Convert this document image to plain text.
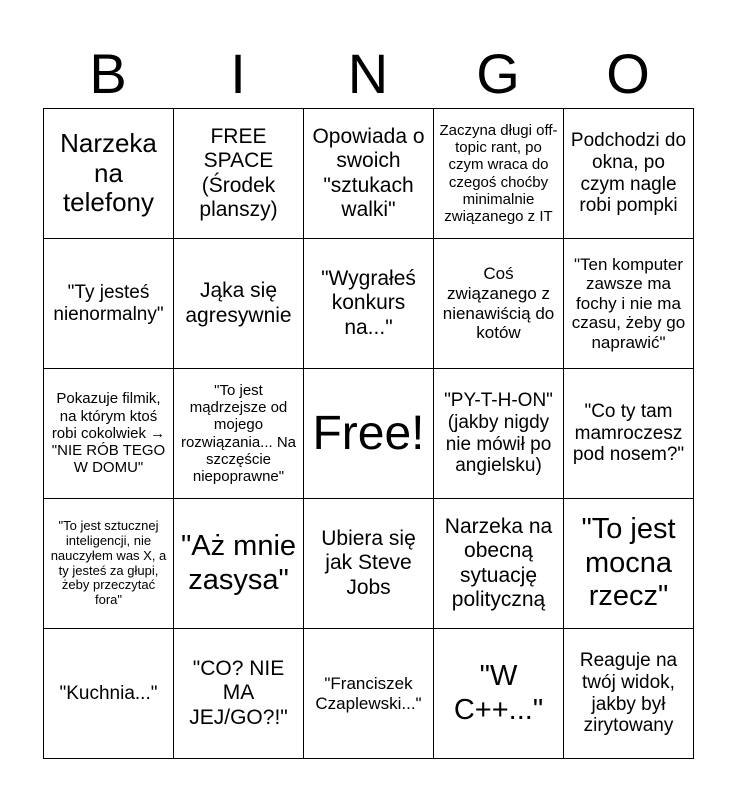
B	I	N	G	O
Narzeka na telefony	FREE SPACE (Środek planszy)	Opowiada o swoich "sztukach walki"	Zaczyna długi off-topic rant, po czym wraca do czegoś choćby minimalnie związanego z IT	Podchodzi do okna, po czym nagle robi pompki
"Ty jesteś nienormalny"	Jąka się agresywnie	"Wygrałeś konkurs na..."	Coś związanego z nienawiścią do kotów	"Ten komputer zawsze ma fochy i nie ma czasu, żeby go naprawić"
Pokazuje filmik, na którym ktoś robi cokolwiek → "NIE RÓB TEGO W DOMU"	"To jest mądrzejsze od mojego rozwiązania... Na szczęście niepoprawne"	Free!	"PY-T-H-ON" (jakby nigdy nie mówił po angielsku)	"Co ty tam mamroczesz pod nosem?"
"To jest sztucznej inteligencji, nie nauczyłem was X, a ty jesteś za głupi, żeby przeczytać fora"	"Aż mnie zasysa"	Ubiera się jak Steve Jobs	Narzeka na obecną sytuację polityczną	"To jest mocna rzecz"
"Kuchnia..."	"CO? NIE MA JEJ/GO?!"	"Franciszek Czaplewski..."	"W C++..."	Reaguje na twój widok, jakby był zirytowany
